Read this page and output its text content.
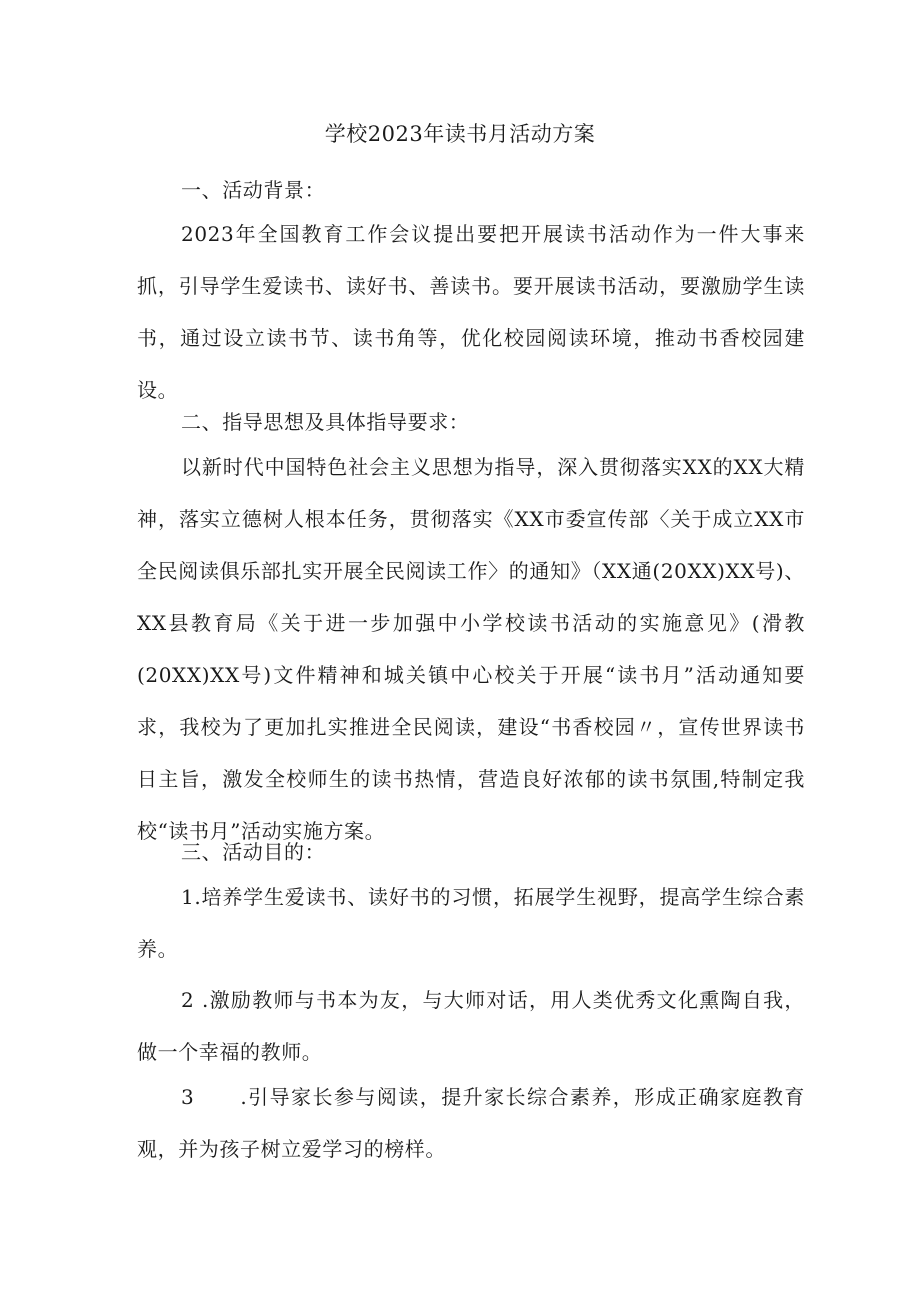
学校2023年读书月活动方案

一、活动背景：

2023年全国教育工作会议提出要把开展读书活动作为一件大事来抓，引导学生爱读书、读好书、善读书。要开展读书活动，要激励学生读书，通过设立读书节、读书角等，优化校园阅读环境，推动书香校园建设。

二、指导思想及具体指导要求：

以新时代中国特色社会主义思想为指导，深入贯彻落实XX的XX大精神，落实立德树人根本任务，贯彻落实《XX市委宣传部〈关于成立XX市全民阅读俱乐部扎实开展全民阅读工作〉的通知》（XX通(20XX)XX号)、XX县教育局《关于进一步加强中小学校读书活动的实施意见》(滑教(20XX)XX号)文件精神和城关镇中心校关于开展“读书月”活动通知要求，我校为了更加扎实推进全民阅读，建设“书香校园〃，宣传世界读书日主旨，激发全校师生的读书热情，营造良好浓郁的读书氛围,特制定我校“读书月”活动实施方案。

三、活动目的：

1.培养学生爱读书、读好书的习惯，拓展学生视野，提高学生综合素养。

2 .激励教师与书本为友，与大师对话，用人类优秀文化熏陶自我，做一个幸福的教师。

3 .引导家长参与阅读，提升家长综合素养，形成正确家庭教育观，并为孩子树立爱学习的榜样。
